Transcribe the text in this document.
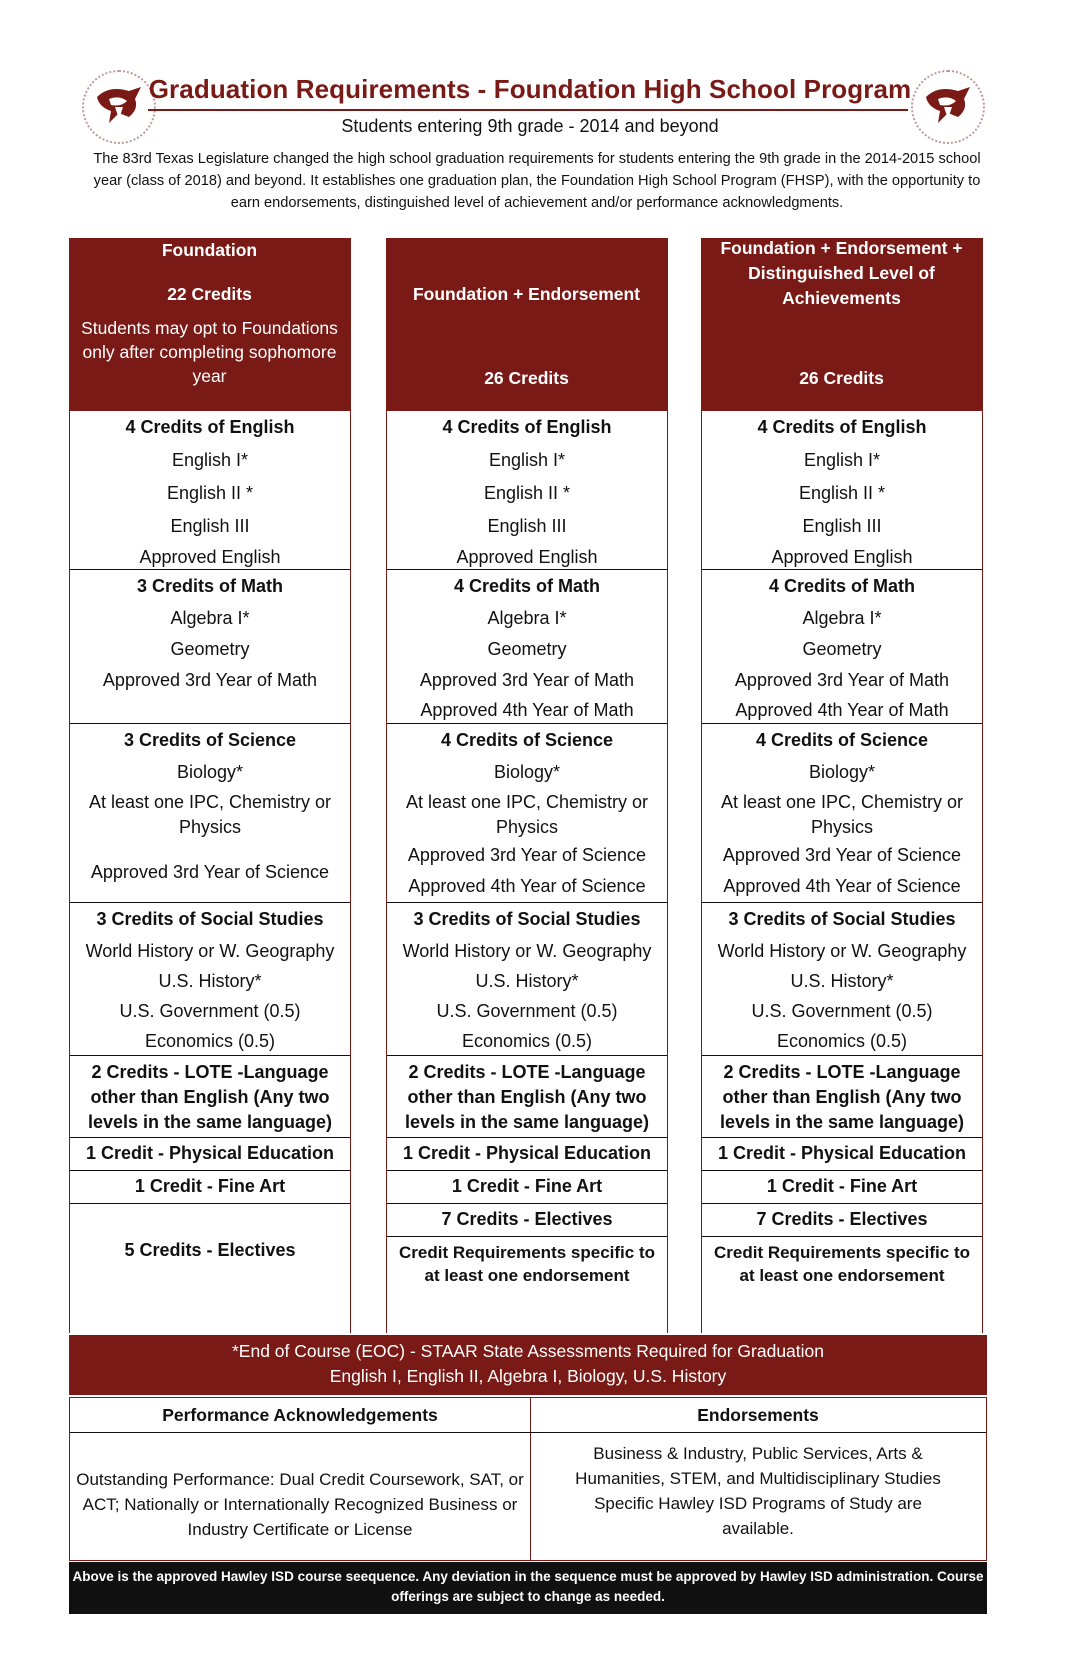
Graduation Requirements - Foundation High School Program
Students entering 9th grade - 2014 and beyond
The 83rd Texas Legislature changed the high school graduation requirements for students entering the 9th grade in the 2014-2015 school year (class of 2018) and beyond. It establishes one graduation plan, the Foundation High School Program (FHSP), with the opportunity to earn endorsements, distinguished level of achievement and/or performance acknowledgments.
Foundation
22 Credits
Students may opt to Foundations only after completing sophomore year
4 Credits of English
English I*
English II *
English III
Approved English
3 Credits of Math
Algebra I*
Geometry
Approved 3rd Year of Math
3 Credits of Science
Biology*
At least one IPC, Chemistry or Physics
Approved 3rd Year of Science
3 Credits of Social Studies
World History or W. Geography
U.S. History*
U.S. Government (0.5)
Economics (0.5)
2 Credits - LOTE -Language other than English (Any two levels in the same language)
1 Credit - Physical Education
1 Credit - Fine Art
5 Credits - Electives
Foundation + Endorsement
26 Credits
4 Credits of English
English I*
English II *
English III
Approved English
4 Credits of Math
Algebra I*
Geometry
Approved 3rd Year of Math
Approved 4th Year of Math
4 Credits of Science
Biology*
At least one IPC, Chemistry or Physics
Approved 3rd Year of Science
Approved 4th Year of Science
3 Credits of Social Studies
World History or W. Geography
U.S. History*
U.S. Government (0.5)
Economics (0.5)
2 Credits - LOTE -Language other than English (Any two levels in the same language)
1 Credit - Physical Education
1 Credit - Fine Art
7 Credits - Electives
Credit Requirements specific to at least one endorsement
Foundation + Endorsement + Distinguished Level of Achievements
26 Credits
4 Credits of English
English I*
English II *
English III
Approved English
4 Credits of Math
Algebra I*
Geometry
Approved 3rd Year of Math
Approved 4th Year of Math
4 Credits of Science
Biology*
At least one IPC, Chemistry or Physics
Approved 3rd Year of Science
Approved 4th Year of Science
3 Credits of Social Studies
World History or W. Geography
U.S. History*
U.S. Government (0.5)
Economics (0.5)
2 Credits - LOTE -Language other than English (Any two levels in the same language)
1 Credit - Physical Education
1 Credit - Fine Art
7 Credits - Electives
Credit Requirements specific to at least one endorsement
*End of Course (EOC) - STAAR State Assessments Required for Graduation
English I, English II, Algebra I, Biology, U.S. History
Performance Acknowledgements
Outstanding Performance: Dual Credit Coursework, SAT, or ACT; Nationally or Internationally Recognized Business or Industry Certificate or License
Endorsements
Business & Industry, Public Services, Arts & Humanities, STEM, and Multidisciplinary Studies Specific Hawley ISD Programs of Study are available.
Above is the approved Hawley ISD course seequence. Any deviation in the sequence must be approved by Hawley ISD administration. Course offerings are subject to change as needed.
